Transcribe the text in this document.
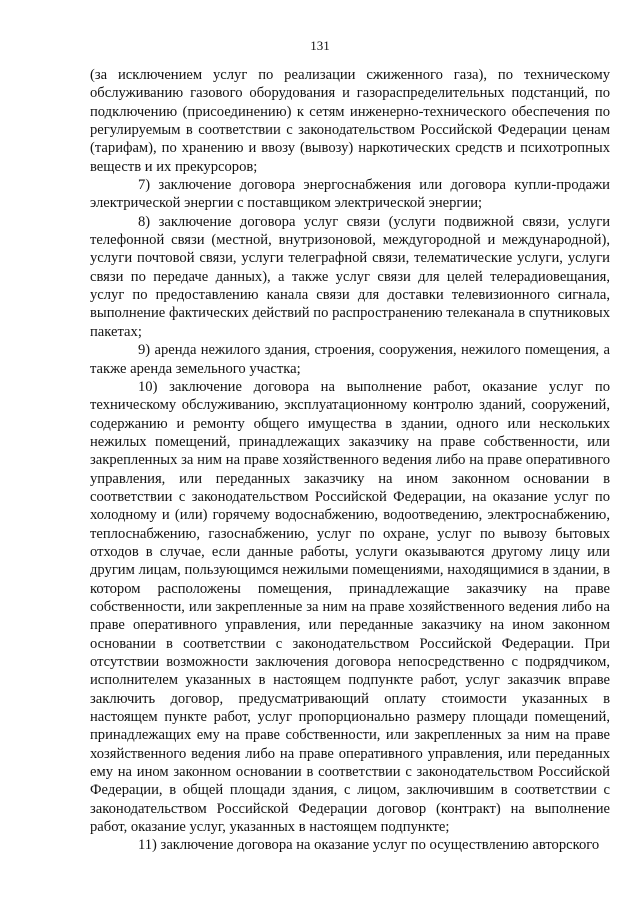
131

(за исключением услуг по реализации сжиженного газа), по техническому обслуживанию газового оборудования и газораспределительных подстанций, по подключению (присоединению) к сетям инженерно-технического обеспечения по регулируемым в соответствии с законодательством Российской Федерации ценам (тарифам), по хранению и ввозу (вывозу) наркотических средств и психотропных веществ и их прекурсоров;

7) заключение договора энергоснабжения или договора купли-продажи электрической энергии с поставщиком электрической энергии;

8) заключение договора услуг связи (услуги подвижной связи, услуги телефонной связи (местной, внутризоновой, междугородной и международной), услуги почтовой связи, услуги телеграфной связи, телематические услуги, услуги связи по передаче данных), а также услуг связи для целей телерадиовещания, услуг по предоставлению канала связи для доставки телевизионного сигнала, выполнение фактических действий по распространению телеканала в спутниковых пакетах;

9) аренда нежилого здания, строения, сооружения, нежилого помещения, а также аренда земельного участка;

10) заключение договора на выполнение работ, оказание услуг по техническому обслуживанию, эксплуатационному контролю зданий, сооружений, содержанию и ремонту общего имущества в здании, одного или нескольких нежилых помещений, принадлежащих заказчику на праве собственности, или закрепленных за ним на праве хозяйственного ведения либо на праве оперативного управления, или переданных заказчику на ином законном основании в соответствии с законодательством Российской Федерации, на оказание услуг по холодному и (или) горячему водоснабжению, водоотведению, электроснабжению, теплоснабжению, газоснабжению, услуг по охране, услуг по вывозу бытовых отходов в случае, если данные работы, услуги оказываются другому лицу или другим лицам, пользующимся нежилыми помещениями, находящимися в здании, в котором расположены помещения, принадлежащие заказчику на праве собственности, или закрепленные за ним на праве хозяйственного ведения либо на праве оперативного управления, или переданные заказчику на ином законном основании в соответствии с законодательством Российской Федерации. При отсутствии возможности заключения договора непосредственно с подрядчиком, исполнителем указанных в настоящем подпункте работ, услуг заказчик вправе заключить договор, предусматривающий оплату стоимости указанных в настоящем пункте работ, услуг пропорционально размеру площади помещений, принадлежащих ему на праве собственности, или закрепленных за ним на праве хозяйственного ведения либо на праве оперативного управления, или переданных ему на ином законном основании в соответствии с законодательством Российской Федерации, в общей площади здания, с лицом, заключившим в соответствии с законодательством Российской Федерации договор (контракт) на выполнение работ, оказание услуг, указанных в настоящем подпункте;

11) заключение договора на оказание услуг по осуществлению авторского
